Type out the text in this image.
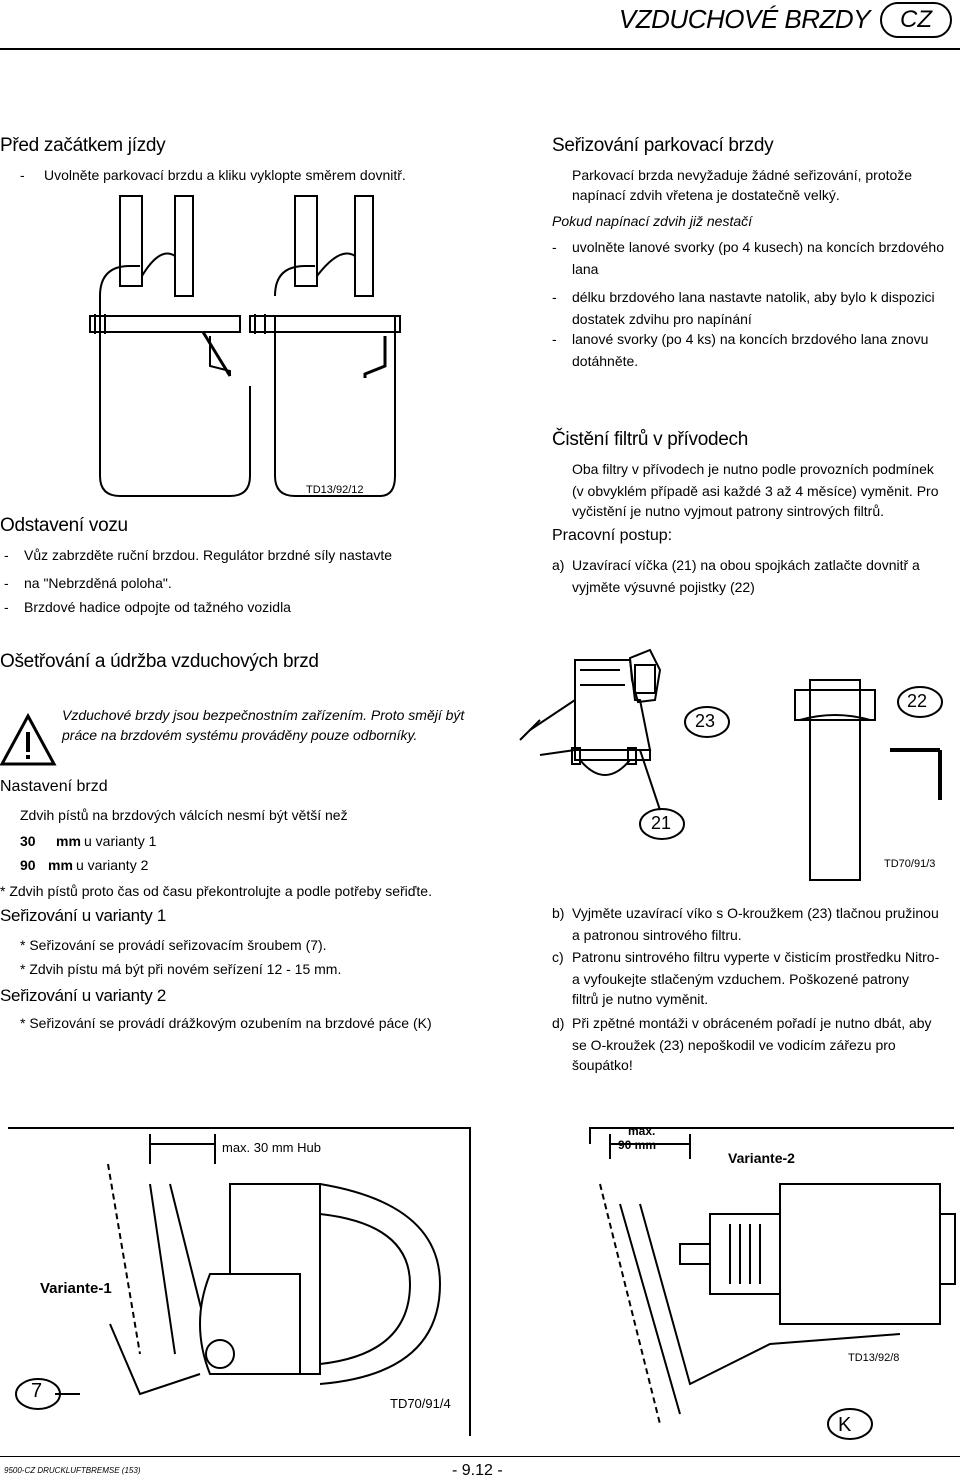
VZDUCHOVÉ BRZDY	CZ
Před začátkem jízdy
-	Uvolněte parkovací brzdu a kliku vyklopte směrem dovnitř.
TD13/92/12
Odstavení vozu
-	Vůz zabrzděte ruční brzdou. Regulátor brzdné síly nastavte
-	na "Nebrzděná poloha".
-	Brzdové hadice odpojte od tažného vozidla
Ošetřování a údržba vzduchových brzd
Vzduchové brzdy jsou bezpečnostním zařízením. Proto smějí být
práce na brzdovém systému prováděny pouze odborníky.
Nastavení brzd
Zdvih pístů na brzdových válcích nesmí být větší než
30 mm u varianty 1
90 mm u varianty 2
* Zdvih pístů proto čas od času překontrolujte a podle potřeby seřiďte.
Seřizování u varianty 1
* Seřizování se provádí seřizovacím šroubem (7).
* Zdvih pístu má být při novém seřízení 12 - 15 mm.
Seřizování u varianty 2
* Seřizování se provádí drážkovým ozubením na brzdové páce (K)
Seřizování parkovací brzdy
Parkovací brzda nevyžaduje žádné seřizování, protože
napínací zdvih vřetena je dostatečně velký.
Pokud napínací zdvih již nestačí
-	uvolněte lanové svorky (po 4 kusech) na koncích brzdového
lana
-	délku brzdového lana nastavte natolik, aby bylo k dispozici
dostatek zdvihu pro napínání
-	lanové svorky (po 4 ks) na koncích brzdového lana znovu
dotáhněte.
Čistění filtrů v přívodech
Oba filtry v přívodech je nutno podle provozních podmínek
(v obvyklém případě asi každé 3 až 4 měsíce) vyměnit. Pro
vyčistění je nutno vyjmout patrony sintrových filtrů.
Pracovní postup:
a) Uzavírací víčka (21) na obou spojkách zatlačte dovnitř a
vyjměte výsuvné pojistky (22)
23
22
21
TD70/91/3
b) Vyjměte uzavírací víko s O-kroužkem (23) tlačnou pružinou
a patronou sintrového filtru.
c) Patronu sintrového filtru vyperte v čisticím prostředku Nitro-
a vyfoukejte stlačeným vzduchem. Poškozené patrony
filtrů je nutno vyměnit.
d) Při zpětné montáži v obráceném pořadí je nutno dbát, aby
se O-kroužek (23) nepoškodil ve vodicím zářezu pro
šoupátko!
max. 30 mm Hub
Variante-1
7
TD70/91/4
max.
90 mm
Variante-2
K
TD13/92/8
9500-CZ DRUCKLUFTBREMSE (153)	- 9.12 -
